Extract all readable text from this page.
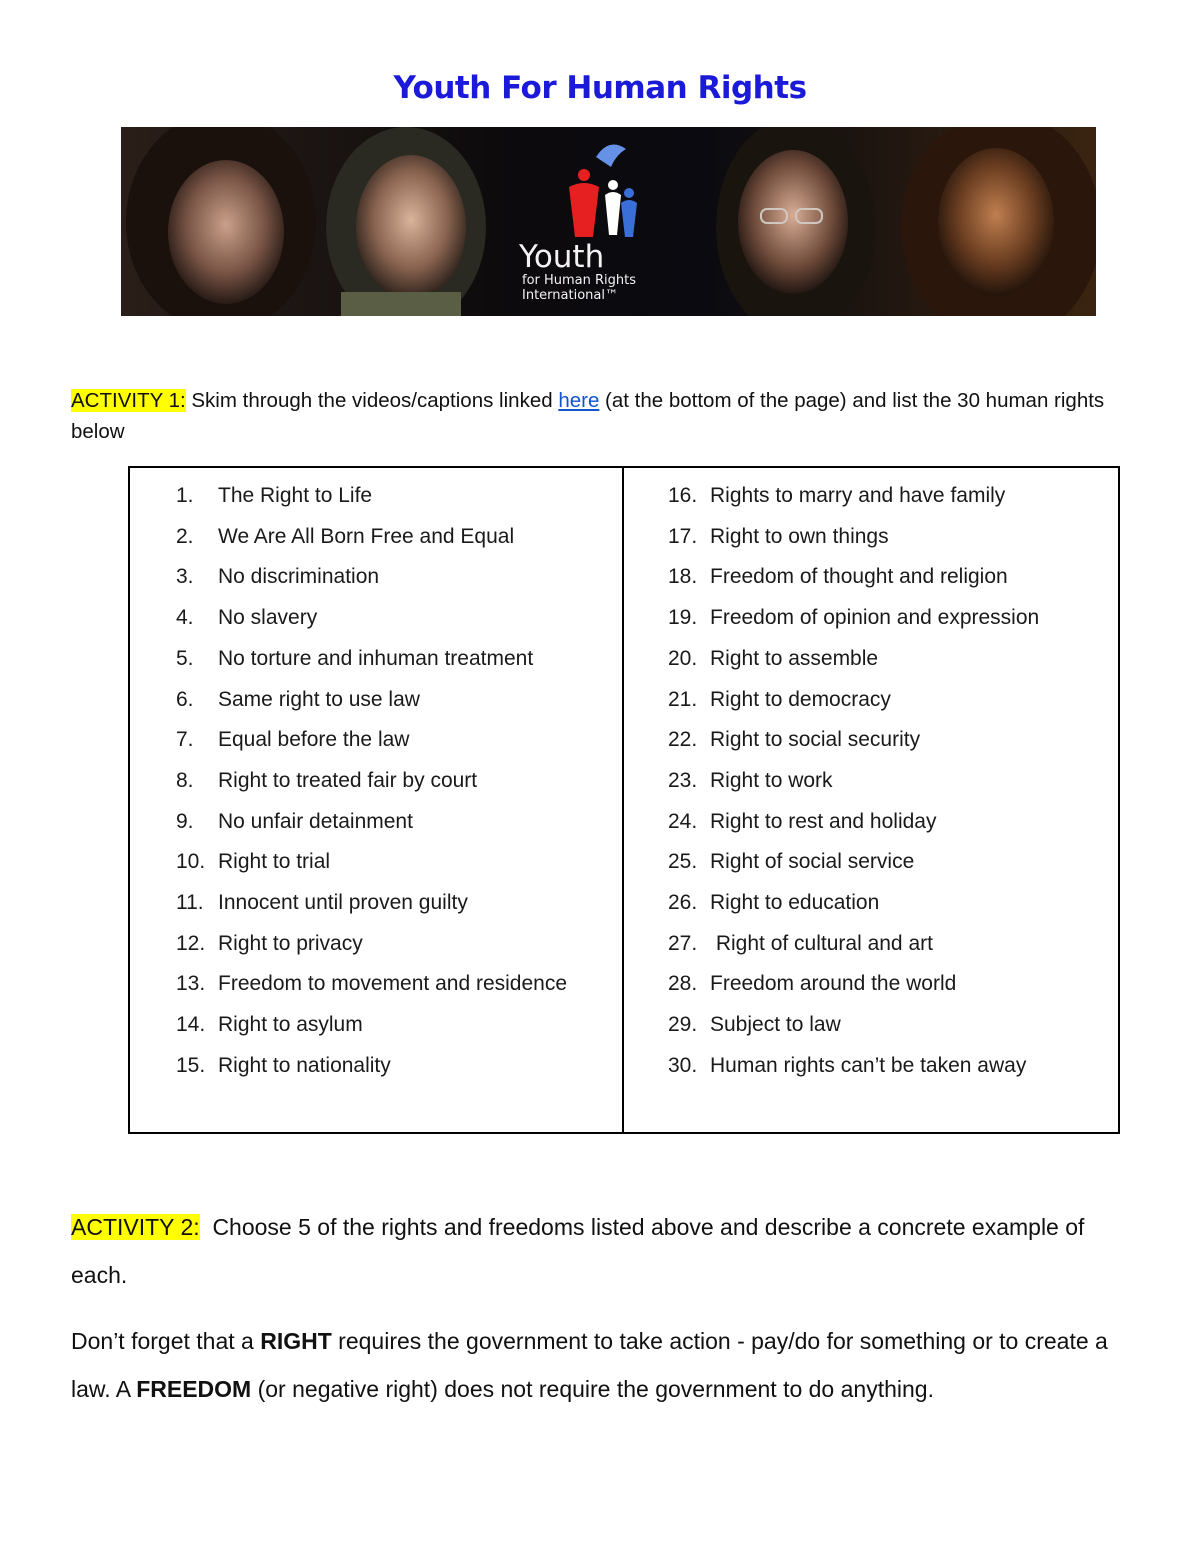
Youth For Human Rights
Youth
for Human Rights
International™
ACTIVITY 1: Skim through the videos/captions linked here (at the bottom of the page) and list the 30 human rights below
1. The Right to Life
2. We Are All Born Free and Equal
3. No discrimination
4. No slavery
5. No torture and inhuman treatment
6. Same right to use law
7. Equal before the law
8. Right to treated fair by court
9. No unfair detainment
10. Right to trial
11. Innocent until proven guilty
12. Right to privacy
13. Freedom to movement and residence
14. Right to asylum
15. Right to nationality
16. Rights to marry and have family
17. Right to own things
18. Freedom of thought and religion
19. Freedom of opinion and expression
20. Right to assemble
21. Right to democracy
22. Right to social security
23. Right to work
24. Right to rest and holiday
25. Right of social service
26. Right to education
27. Right of cultural and art
28. Freedom around the world
29. Subject to law
30. Human rights can’t be taken away
ACTIVITY 2:  Choose 5 of the rights and freedoms listed above and describe a concrete example of each.
Don’t forget that a RIGHT requires the government to take action - pay/do for something or to create a law. A FREEDOM (or negative right) does not require the government to do anything.
